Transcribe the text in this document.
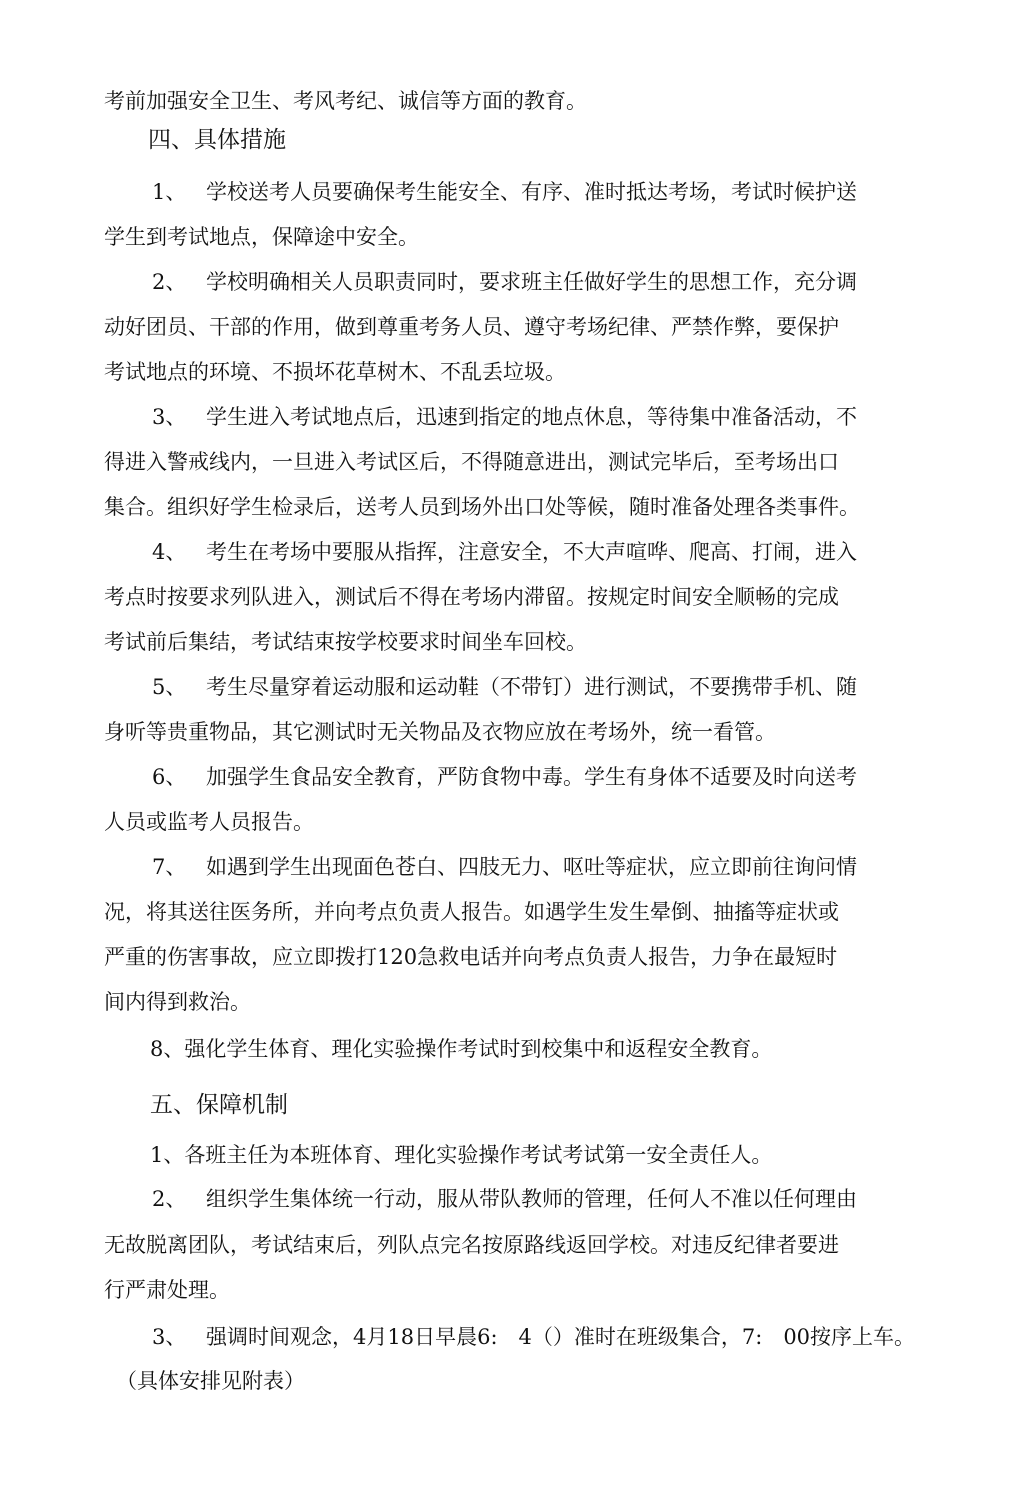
考前加强安全卫生、考风考纪、诚信等方面的教育。

四、具体措施

1、 学校送考人员要确保考生能安全、有序、准时抵达考场，考试时候护送

学生到考试地点，保障途中安全。

2、 学校明确相关人员职责同时，要求班主任做好学生的思想工作，充分调

动好团员、干部的作用，做到尊重考务人员、遵守考场纪律、严禁作弊，要保护

考试地点的环境、不损坏花草树木、不乱丢垃圾。

3、 学生进入考试地点后，迅速到指定的地点休息，等待集中准备活动，不

得进入警戒线内，一旦进入考试区后，不得随意进出，测试完毕后，至考场出口

集合。组织好学生检录后，送考人员到场外出口处等候，随时准备处理各类事件。

4、 考生在考场中要服从指挥，注意安全，不大声喧哗、爬高、打闹，进入

考点时按要求列队进入，测试后不得在考场内滞留。按规定时间安全顺畅的完成

考试前后集结，考试结束按学校要求时间坐车回校。

5、 考生尽量穿着运动服和运动鞋（不带钉）进行测试，不要携带手机、随

身听等贵重物品，其它测试时无关物品及衣物应放在考场外，统一看管。

6、 加强学生食品安全教育，严防食物中毒。学生有身体不适要及时向送考

人员或监考人员报告。

7、 如遇到学生出现面色苍白、四肢无力、呕吐等症状，应立即前往询问情

况，将其送往医务所，并向考点负责人报告。如遇学生发生晕倒、抽搐等症状或

严重的伤害事故，应立即拨打120急救电话并向考点负责人报告，力争在最短时

间内得到救治。

8、强化学生体育、理化实验操作考试时到校集中和返程安全教育。

五、保障机制

1、各班主任为本班体育、理化实验操作考试考试第一安全责任人。

2、 组织学生集体统一行动，服从带队教师的管理，任何人不准以任何理由

无故脱离团队，考试结束后，列队点完名按原路线返回学校。对违反纪律者要进

行严肃处理。

3、 强调时间观念，4月18日早晨6:　4（）准时在班级集合，7:　00按序上车。

（具体安排见附表）
